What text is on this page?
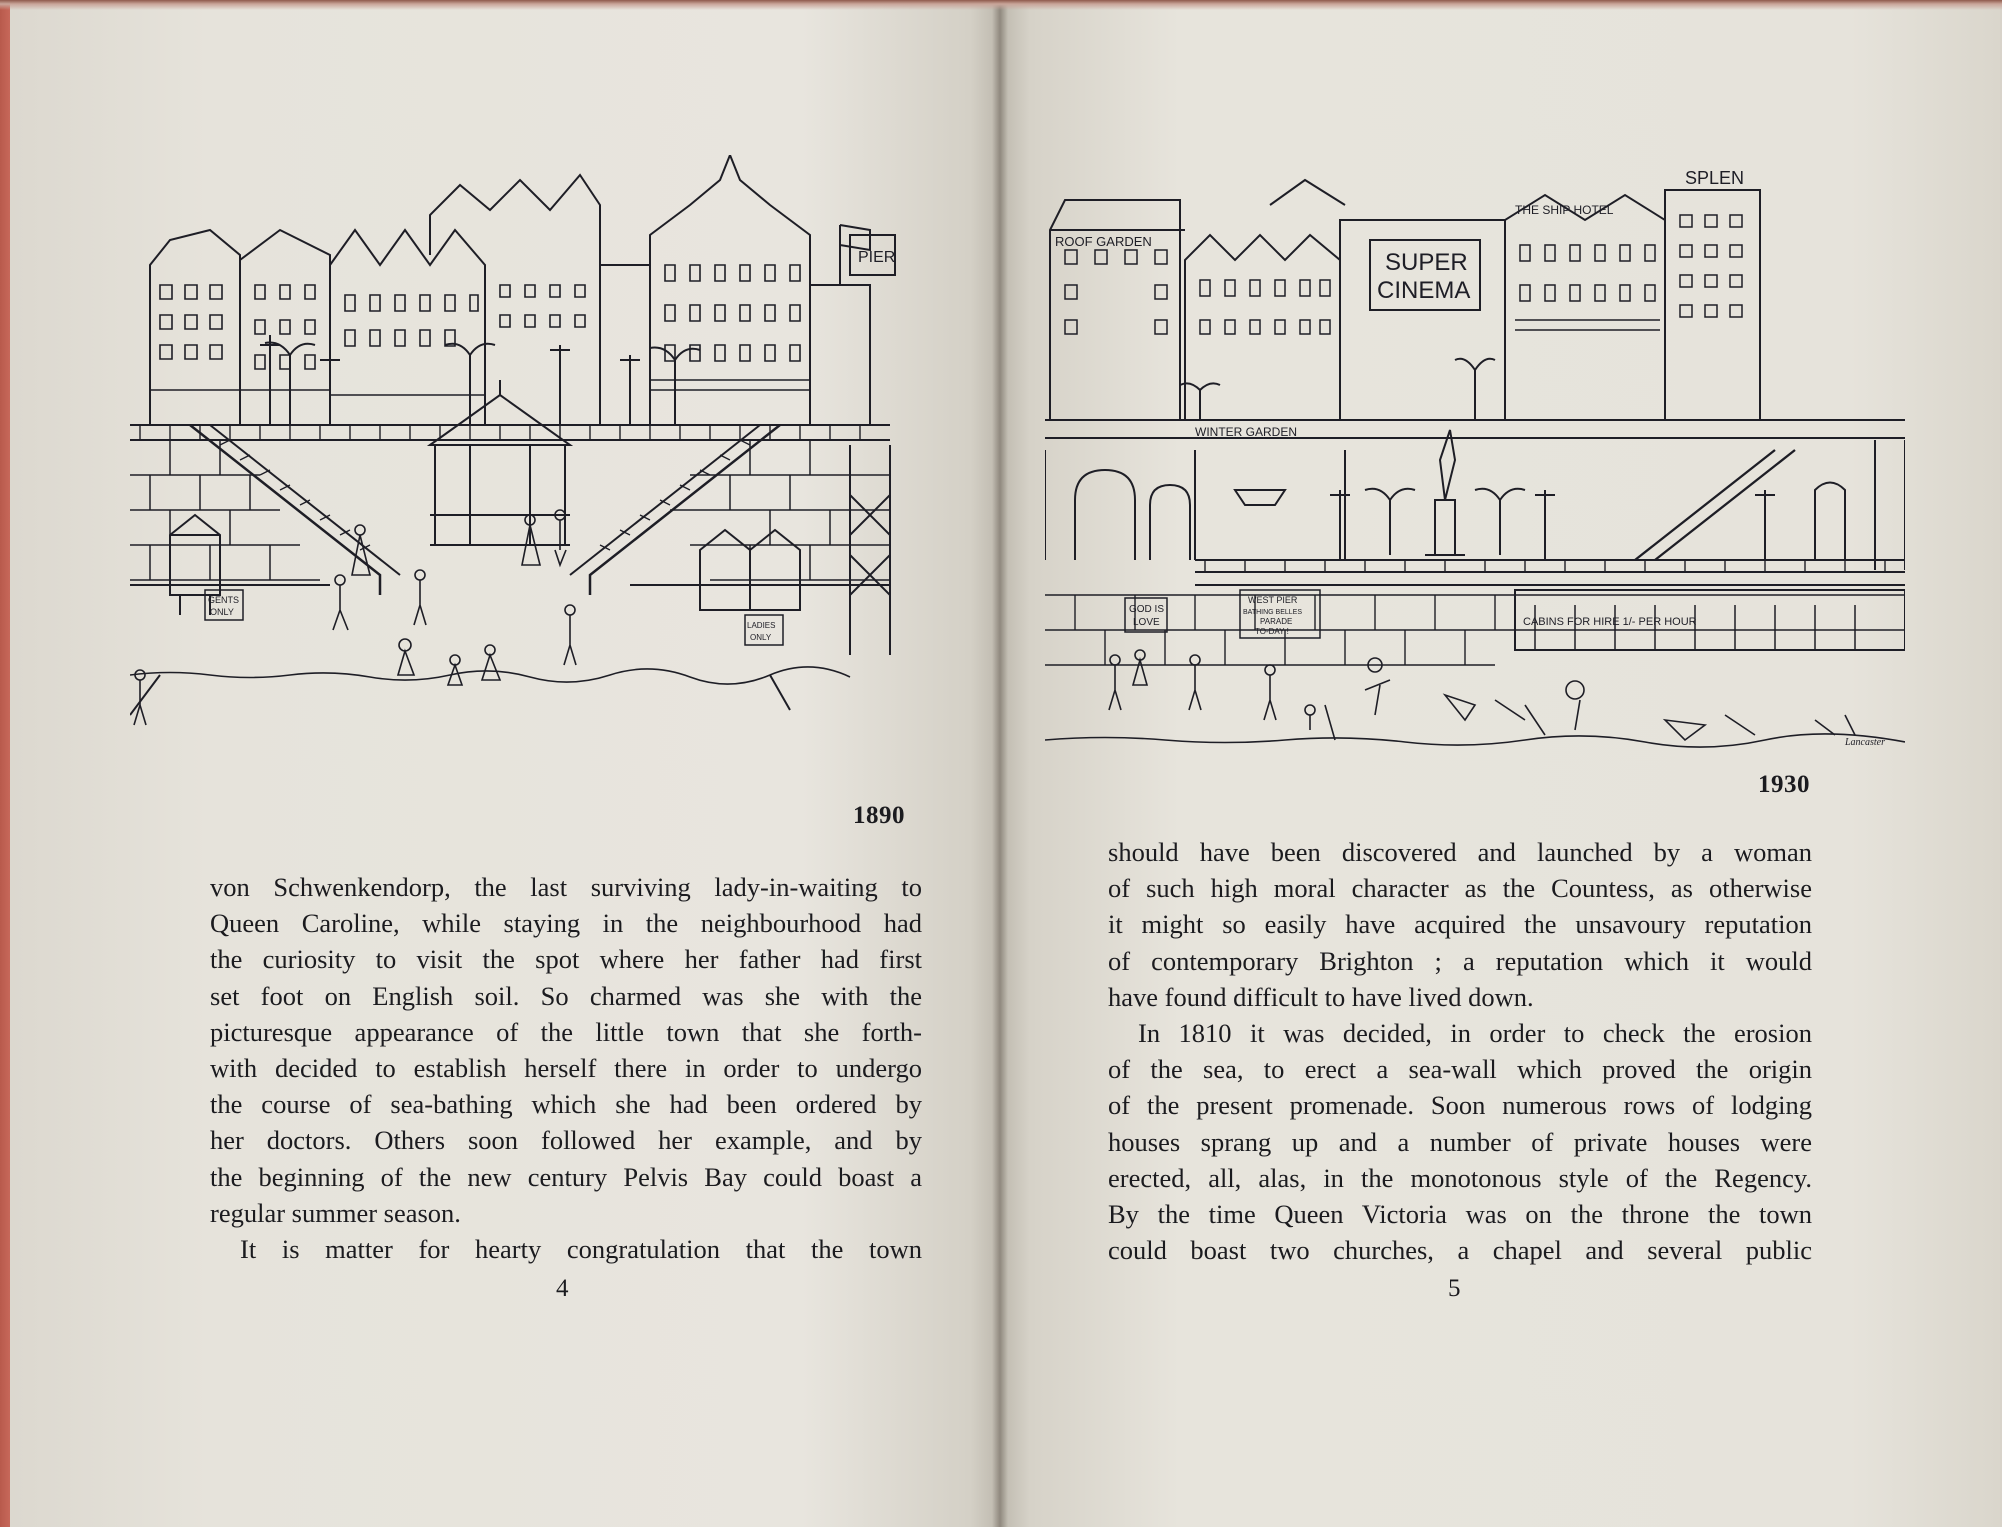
PIER
GENTS
ONLY
LADIES
ONLY
1890
von Schwenkendorp, the last surviving lady-in-waiting to
Queen Caroline, while staying in the neighbourhood had
the curiosity to visit the spot where her father had first
set foot on English soil. So charmed was she with the
picturesque appearance of the little town that she forth-
with decided to establish herself there in order to undergo
the course of sea-bathing which she had been ordered by
her doctors. Others soon followed her example, and by
the beginning of the new century Pelvis Bay could boast a
regular summer season.
It is matter for hearty congratulation that the town
4
ROOF GARDEN
THE SHIP HOTEL
SPLEN
SUPER
CINEMA
WINTER GARDEN
WEST PIER
BATHING BELLES
PARADE
TO-DAY !
GOD IS
LOVE	CABINS FOR HIRE 1/- PER HOUR
Lancaster
1930
should have been discovered and launched by a woman
of such high moral character as the Countess, as otherwise
it might so easily have acquired the unsavoury reputation
of contemporary Brighton ; a reputation which it would
have found difficult to have lived down.
In 1810 it was decided, in order to check the erosion
of the sea, to erect a sea-wall which proved the origin
of the present promenade. Soon numerous rows of lodging
houses sprang up and a number of private houses were
erected, all, alas, in the monotonous style of the Regency.
By the time Queen Victoria was on the throne the town
could boast two churches, a chapel and several public
5
